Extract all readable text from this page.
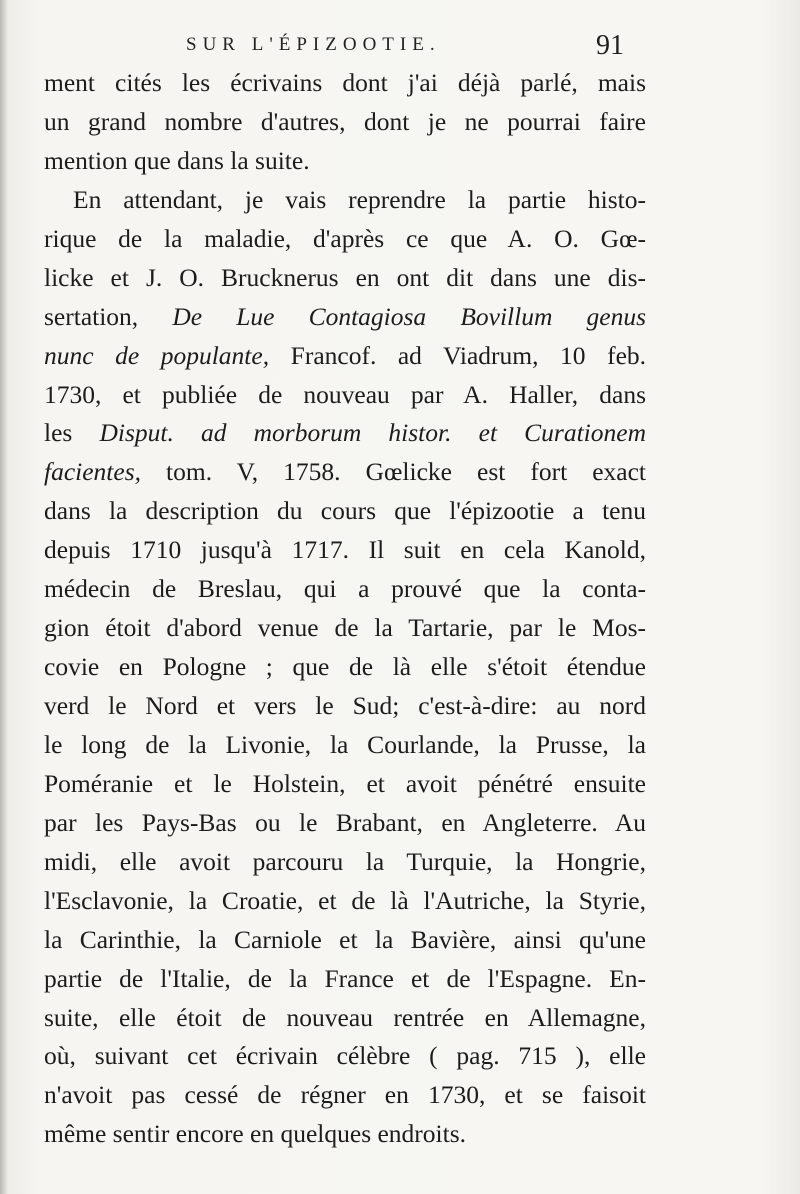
SUR L'ÉPIZOOTIE.	91
ment cités les écrivains dont j'ai déjà parlé, mais
un grand nombre d'autres, dont je ne pourrai faire
mention que dans la suite.
En attendant, je vais reprendre la partie histo-
rique de la maladie, d'après ce que A. O. Gœ-
licke et J. O. Brucknerus en ont dit dans une dis-
sertation, De Lue Contagiosa Bovillum genus
nunc de populante, Francof. ad Viadrum, 10 feb.
1730, et publiée de nouveau par A. Haller, dans
les Disput. ad morborum histor. et Curationem
facientes, tom. V, 1758. Gœlicke est fort exact
dans la description du cours que l'épizootie a tenu
depuis 1710 jusqu'à 1717. Il suit en cela Kanold,
médecin de Breslau, qui a prouvé que la conta-
gion étoit d'abord venue de la Tartarie, par le Mos-
covie en Pologne ; que de là elle s'étoit étendue
verd le Nord et vers le Sud; c'est-à-dire: au nord
le long de la Livonie, la Courlande, la Prusse, la
Poméranie et le Holstein, et avoit pénétré ensuite
par les Pays-Bas ou le Brabant, en Angleterre. Au
midi, elle avoit parcouru la Turquie, la Hongrie,
l'Esclavonie, la Croatie, et de là l'Autriche, la Styrie,
la Carinthie, la Carniole et la Bavière, ainsi qu'une
partie de l'Italie, de la France et de l'Espagne. En-
suite, elle étoit de nouveau rentrée en Allemagne,
où, suivant cet écrivain célèbre ( pag. 715 ), elle
n'avoit pas cessé de régner en 1730, et se faisoit
même sentir encore en quelques endroits.
